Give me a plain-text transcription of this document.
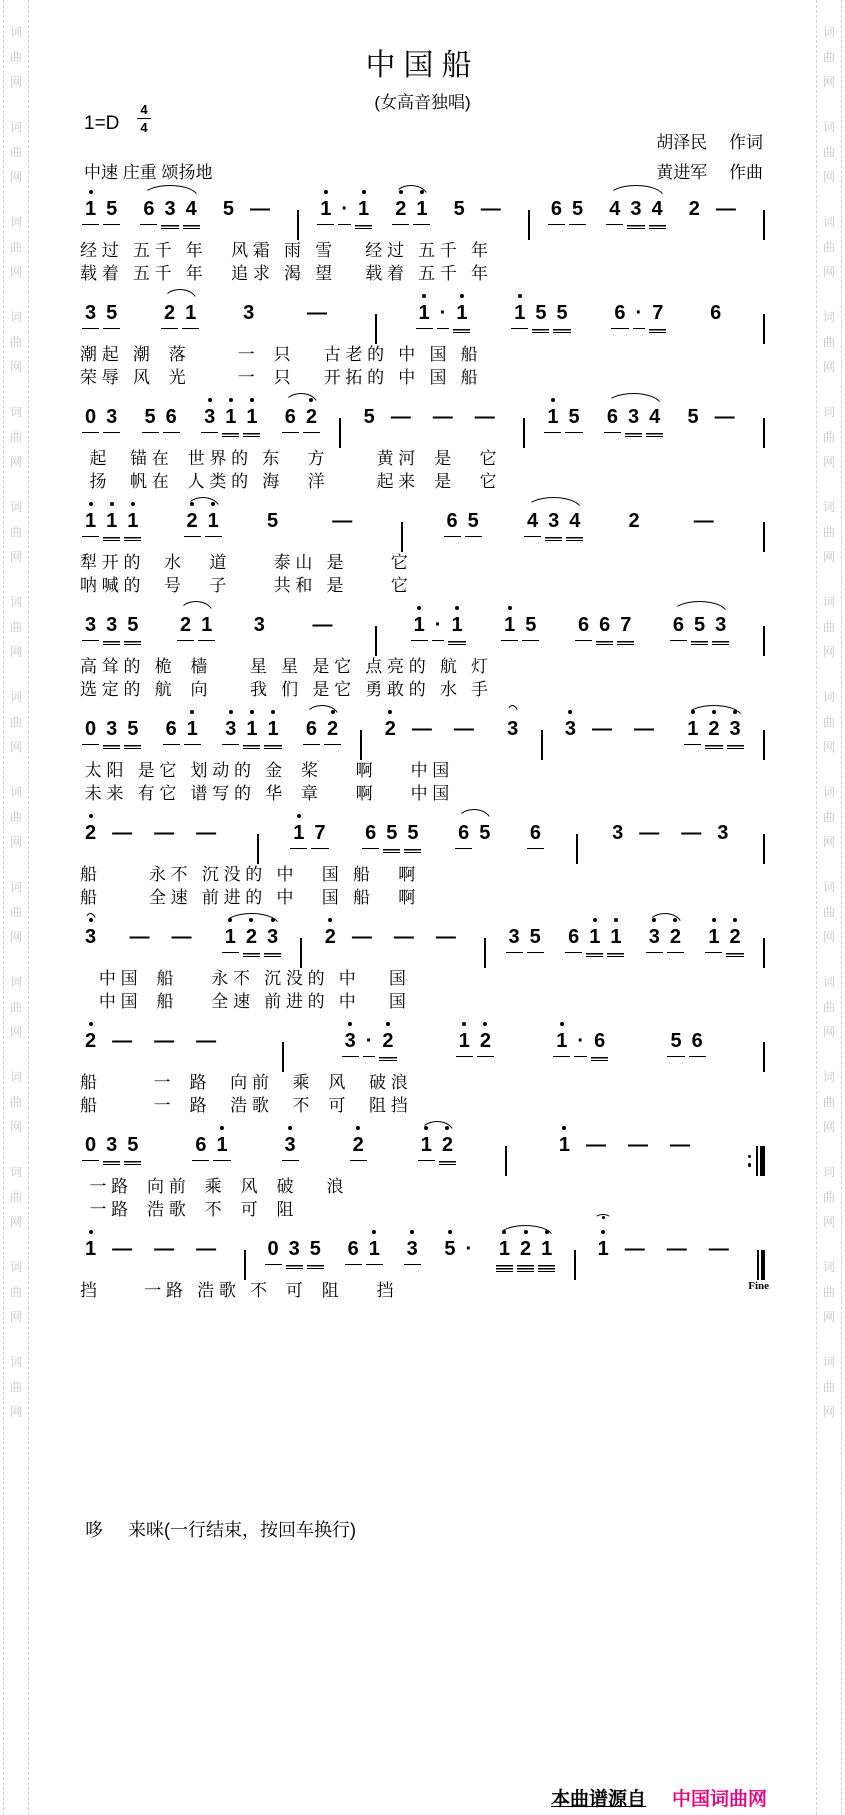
词
曲
网
词
曲
网
词
曲
网
词
曲
网
词
曲
网
词
曲
网
词
曲
网
词
曲
网
词
曲
网
词
曲
网
词
曲
网
词
曲
网
词
曲
网
词
曲
网
词
曲
网
词
曲
网
词
曲
网
词
曲
网
词
曲
网
词
曲
网
词
曲
网
词
曲
网
词
曲
网
词
曲
网
词
曲
网
词
曲
网
词
曲
网
词
曲
网
词
曲
网
词
曲
网
中国船
(女高音独唱)
$1=D \frac{4}{4}$
胡泽民　 作词
黄进军　 作曲
中速 庄重 颂扬地
1 5 6 3 4 5 —	1 · 1 2 1 5 —	6 5 4 3 4 2 —
经 过   五 千   年      风 霜   雨   雪       经 过   五 千   年
载 着   五 千   年      追 求   渴   望       载 着   五 千   年
3 5 2 1 3	—	1 · 1 1 5 5 6 · 7 6
潮 起   潮    落           一    只       古 老 的   中   国   船
荣 辱   风    光           一    只       开 拓 的   中   国   船
0 3 5 6 3 1 1 6 2 5 — — —	1 5 6 3 4 5 —
起     锚 在    世 界 的   东      方           黄 河    是      它
扬     帆 在    人 类 的   海      洋           起 来    是      它
1 1 1 2 1 5	—	6 5 4 3 4 2	—
犁 开 的     水      道          泰 山   是          它
呐 喊 的     号      子          共 和   是          它
3 3 5 2 1 3 —	1 · 1 1 5 6 6 7 6 5 3
高 耸 的   桅    樯         星   星   是 它   点 亮 的   航   灯
选 定 的   航    向         我   们   是 它   勇 敢 的   水   手
0 3 5 6 1 3 1 1 6 2 2 — — 3 3 — — 1 2 3
太 阳   是 它   划 动 的   金    桨        啊        中 国
未 来   有 它   谱 写 的   华    章        啊        中 国
2 — — —	1 7 6 5 5 6 5 6	3 — — 3
船           永 不   沉 没 的   中      国   船      啊
船           全 速   前 进 的   中      国   船      啊
3 — — 1 2 3 2 — — —	3 5 6 1 1 3 2 1 2
中 国    船        永 不   沉 没 的   中       国
中 国    船        全 速   前 进 的   中       国
2 — — —	3 · 2	1 2	1 · 6	5 6
船            一    路     向 前     乘    风     破 浪
船            一    路     浩 歌     不    可     阻 挡
0 3 5	6 1	3	2	1 2	1 — — —
一 路    向 前    乘    风    破       浪
一 路    浩 歌    不    可    阻
1 — — —	0 3 5 6 1 3 5 · 1 2 1 1 — — —
Fine
挡          一 路   浩 歌   不    可    阻        挡
哆     来咪(一行结束，按回车换行)

本曲谱源自 中国词曲网
